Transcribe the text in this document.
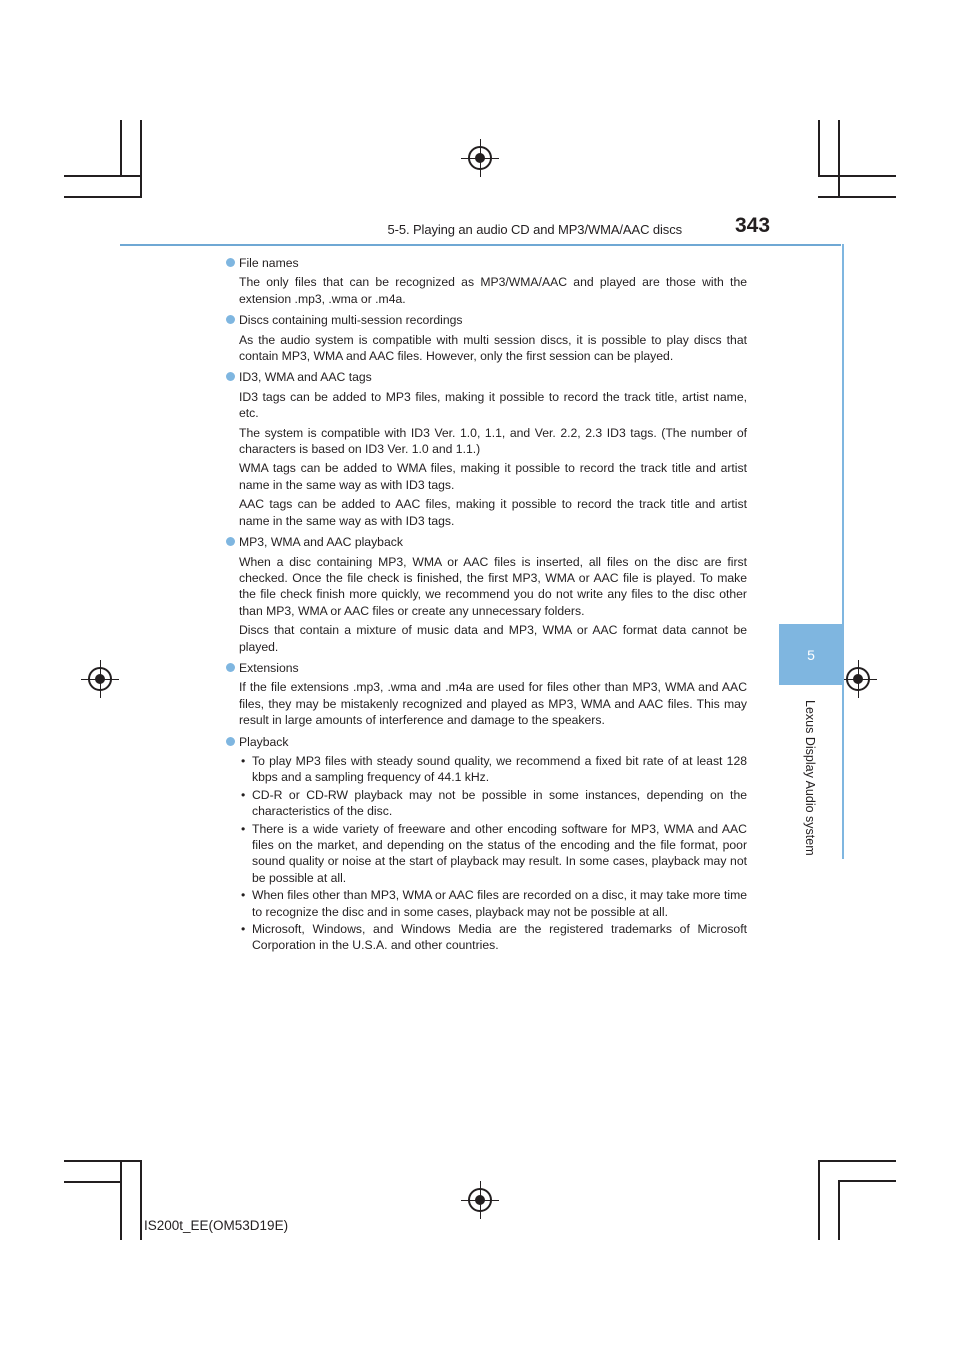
5-5. Playing an audio CD and MP3/WMA/AAC discs	343
5
Lexus Display Audio system
File names

The only files that can be recognized as MP3/WMA/AAC and played are those with the extension .mp3, .wma or .m4a.

Discs containing multi-session recordings

As the audio system is compatible with multi session discs, it is possible to play discs that contain MP3, WMA and AAC files. However, only the first session can be played.

ID3, WMA and AAC tags

ID3 tags can be added to MP3 files, making it possible to record the track title, artist name, etc.

The system is compatible with ID3 Ver. 1.0, 1.1, and Ver. 2.2, 2.3 ID3 tags. (The number of characters is based on ID3 Ver. 1.0 and 1.1.)

WMA tags can be added to WMA files, making it possible to record the track title and artist name in the same way as with ID3 tags.

AAC tags can be added to AAC files, making it possible to record the track title and artist name in the same way as with ID3 tags.

MP3, WMA and AAC playback

When a disc containing MP3, WMA or AAC files is inserted, all files on the disc are first checked. Once the file check is finished, the first MP3, WMA or AAC file is played. To make the file check finish more quickly, we recommend you do not write any files to the disc other than MP3, WMA or AAC files or create any unnecessary folders.

Discs that contain a mixture of music data and MP3, WMA or AAC format data cannot be played.

Extensions

If the file extensions .mp3, .wma and .m4a are used for files other than MP3, WMA and AAC files, they may be mistakenly recognized and played as MP3, WMA and AAC files. This may result in large amounts of interference and damage to the speakers.

Playback
• To play MP3 files with steady sound quality, we recommend a fixed bit rate of at least 128 kbps and a sampling frequency of 44.1 kHz.
• CD-R or CD-RW playback may not be possible in some instances, depending on the characteristics of the disc.
• There is a wide variety of freeware and other encoding software for MP3, WMA and AAC files on the market, and depending on the status of the encoding and the file format, poor sound quality or noise at the start of playback may result. In some cases, playback may not be possible at all.
• When files other than MP3, WMA or AAC files are recorded on a disc, it may take more time to recognize the disc and in some cases, playback may not be possible at all.
• Microsoft, Windows, and Windows Media are the registered trademarks of Microsoft Corporation in the U.S.A. and other countries.
IS200t_EE(OM53D19E)
